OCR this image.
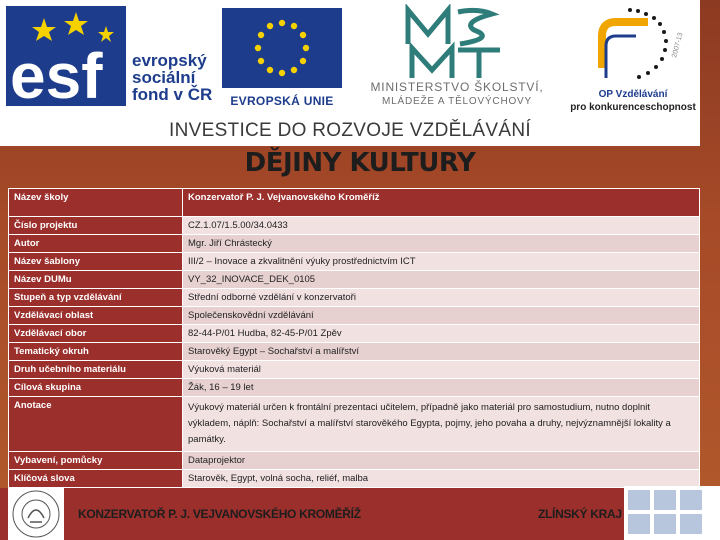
esf evropský
sociální
fond v ČR	EVROPSKÁ UNIE
MINISTERSTVO ŠKOLSTVÍ,
MLÁDEŽE A TĚLOVÝCHOVY
2007-13
OP Vzdělávání
pro konkurenceschopnost
INVESTICE DO ROZVOJE VZDĚLÁVÁNÍ
DĚJINY KULTURY
Název školy	Konzervatoř P. J. Vejvanovského Kroměříž
Číslo projektu	CZ.1.07/1.5.00/34.0433
Autor	Mgr. Jiří Chrástecký
Název šablony	III/2 – Inovace a zkvalitnění výuky prostřednictvím ICT
Název DUMu	VY_32_INOVACE_DEK_0105
Stupeň a typ vzdělávání	Střední odborné vzdělání v konzervatoři
Vzdělávací oblast	Společenskovědní vzdělávání
Vzdělávací obor	82-44-P/01 Hudba, 82-45-P/01 Zpěv
Tematický okruh	Starověký Egypt – Sochařství a malířství
Druh učebního materiálu	Výuková materiál
Cílová skupina	Žák, 16 – 19 let
Anotace	Výukový materiál určen k frontální prezentaci učitelem, případně jako materiál pro samostudium, nutno doplnit výkladem, náplň: Sochařství a malířství starověkého Egypta, pojmy, jeho povaha a druhy, nejvýznamnější lokality a památky.
Vybavení, pomůcky	Dataprojektor
Klíčová slova	Starověk, Egypt, volná socha, reliéf, malba

KONZERVATOŘ P. J. VEJVANOVSKÉHO KROMĚŘÍŽ	ZLÍNSKÝ KRAJ
